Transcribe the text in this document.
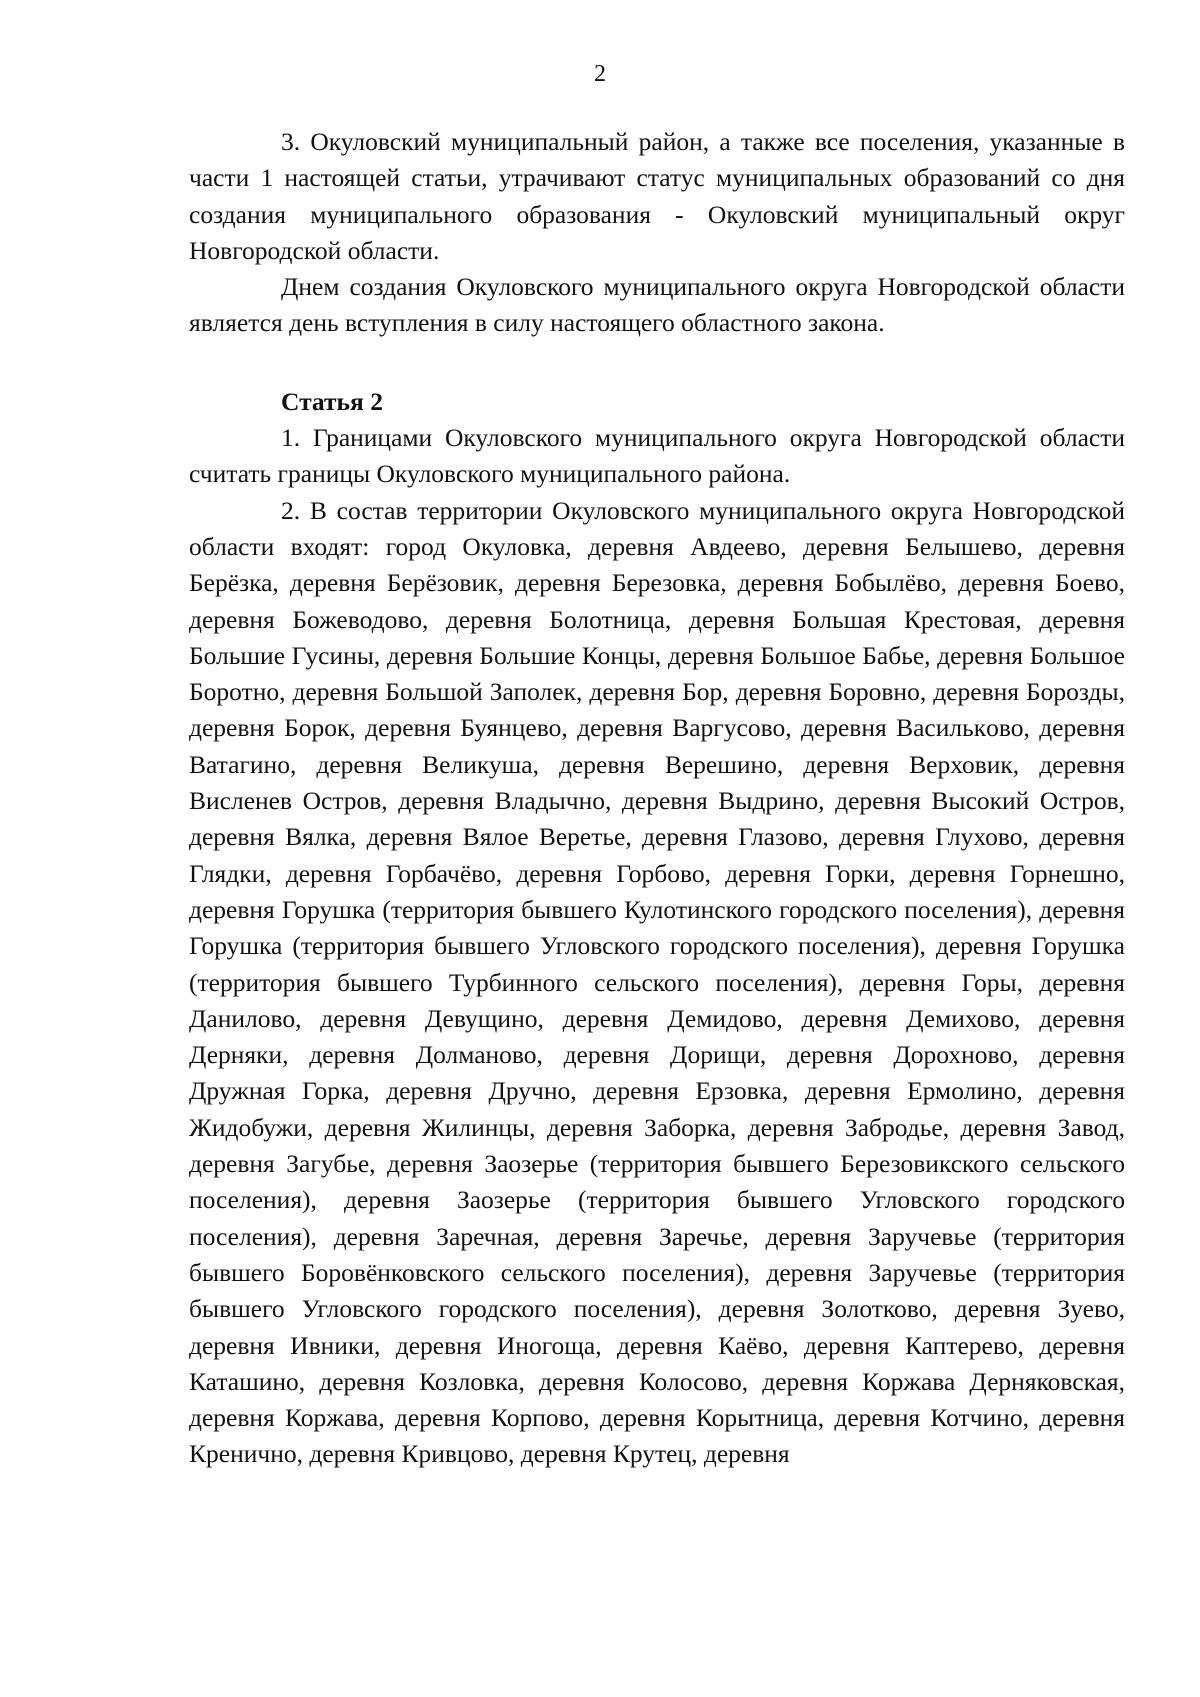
2

3. Окуловский муниципальный район, а также все поселения, указанные в части 1 настоящей статьи, утрачивают статус муниципальных образований со дня создания муниципального образования - Окуловский муниципальный округ Новгородской области.

Днем создания Окуловского муниципального округа Новгородской области является день вступления в силу настоящего областного закона.

Статья 2

1. Границами Окуловского муниципального округа Новгородской области считать границы Окуловского муниципального района.

2. В состав территории Окуловского муниципального округа Новгородской области входят: город Окуловка, деревня Авдеево, деревня Белышево, деревня Берёзка, деревня Берёзовик, деревня Березовка, деревня Бобылёво, деревня Боево, деревня Божеводово, деревня Болотница, деревня Большая Крестовая, деревня Большие Гусины, деревня Большие Концы, деревня Большое Бабье, деревня Большое Боротно, деревня Большой Заполек, деревня Бор, деревня Боровно, деревня Борозды, деревня Борок, деревня Буянцево, деревня Варгусово, деревня Василькoво, деревня Ватагино, деревня Великуша, деревня Верешино, деревня Верховик, деревня Висленев Остров, деревня Владычно, деревня Выдрино, деревня Высокий Остров, деревня Вялка, деревня Вялое Веретье, деревня Глазово, деревня Глухово, деревня Глядки, деревня Горбачёво, деревня Горбово, деревня Горки, деревня Горнешно, деревня Горушка (территория бывшего Кулотинского городского поселения), деревня Горушка (территория бывшего Угловского городского поселения), деревня Горушка (территория бывшего Турбинного сельского поселения), деревня Горы, деревня Данилово, деревня Девущино, деревня Демидово, деревня Демихово, деревня Дерняки, деревня Долманово, деревня Дорищи, деревня Дорохново, деревня Дружная Горка, деревня Дручно, деревня Ерзовка, деревня Ермолино, деревня Жидобужи, деревня Жилинцы, деревня Заборка, деревня Забродье, деревня Завод, деревня Загубье, деревня Заозерье (территория бывшего Березовикского сельского поселения), деревня Заозерье (территория бывшего Угловского городского поселения), деревня Заречная, деревня Заречье, деревня Заручевье (территория бывшего Боровёнковского сельского поселения), деревня Заручевье (территория бывшего Угловского городского поселения), деревня Золотково, деревня Зуево, деревня Ивники, деревня Иногоща, деревня Каёво, деревня Каптерево, деревня Каташино, деревня Козловка, деревня Колосово, деревня Коржава Дерняковская, деревня Коржава, деревня Корпово, деревня Корытница, деревня Котчино, деревня Кренично, деревня Кривцово, деревня Крутец, деревня
